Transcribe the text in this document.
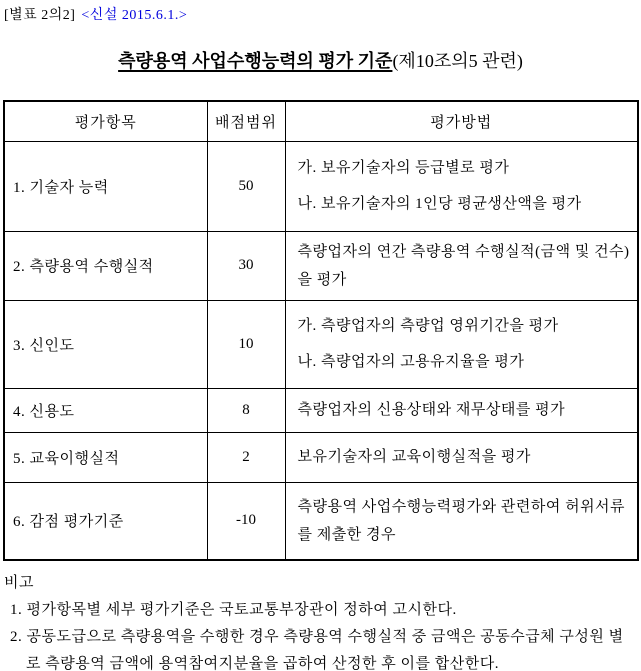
[별표 2의2] <신설 2015.6.1.>
측량용역 사업수행능력의 평가 기준(제10조의5 관련)
평가항목	배점범위	평가방법
1. 기술자 능력	50	가. 보유기술자의 등급별로 평가
나. 보유기술자의 1인당 평균생산액을 평가

2. 측량용역 수행실적	30	측량업자의 연간 측량용역 수행실적(금액 및 건수)을 평가

3. 신인도	10	가. 측량업자의 측량업 영위기간을 평가
나. 측량업자의 고용유지율을 평가

4. 신용도	8	측량업자의 신용상태와 재무상태를 평가

5. 교육이행실적	2	보유기술자의 교육이행실적을 평가

6. 감점 평가기준	-10	측량용역 사업수행능력평가와 관련하여 허위서류를 제출한 경우
비고
1. 평가항목별 세부 평가기준은 국토교통부장관이 정하여 고시한다.
2. 공동도급으로 측량용역을 수행한 경우 측량용역 수행실적 중 금액은 공동수급체 구성원 별로 측량용역 금액에 용역참여지분율을 곱하여 산정한 후 이를 합산한다.
